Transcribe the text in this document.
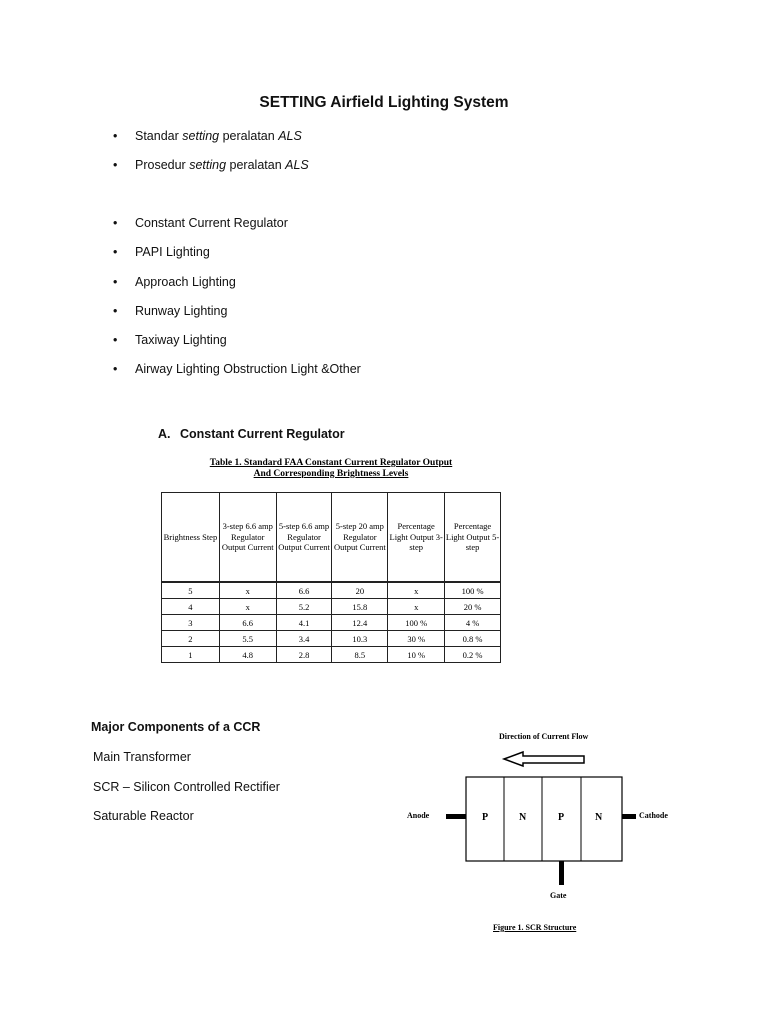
SETTING Airfield Lighting System
• Standar setting peralatan ALS
• Prosedur setting peralatan ALS
• Constant Current Regulator
• PAPI Lighting
• Approach Lighting
• Runway Lighting
• Taxiway Lighting
• Airway Lighting Obstruction Light &Other
A. Constant Current Regulator
Table 1. Standard FAA Constant Current Regulator Output
And Corresponding Brightness Levels
Brightness Step	3-step 6.6 amp Regulator Output Current	5-step 6.6 amp Regulator Output Current	5-step 20 amp Regulator Output Current	Percentage Light Output 3-step	Percentage Light Output 5-step
5	x	6.6	20	x	100 %
4	x	5.2	15.8	x	20 %
3	6.6	4.1	12.4	100 %	4 %
2	5.5	3.4	10.3	30 %	0.8 %
1	4.8	2.8	8.5	10 %	0.2 %
Major Components of a CCR
Main Transformer
SCR – Silicon Controlled Rectifier
Saturable Reactor
Direction of Current Flow
Anode	Cathode
P	N	P	N
Gate
Figure 1. SCR Structure
